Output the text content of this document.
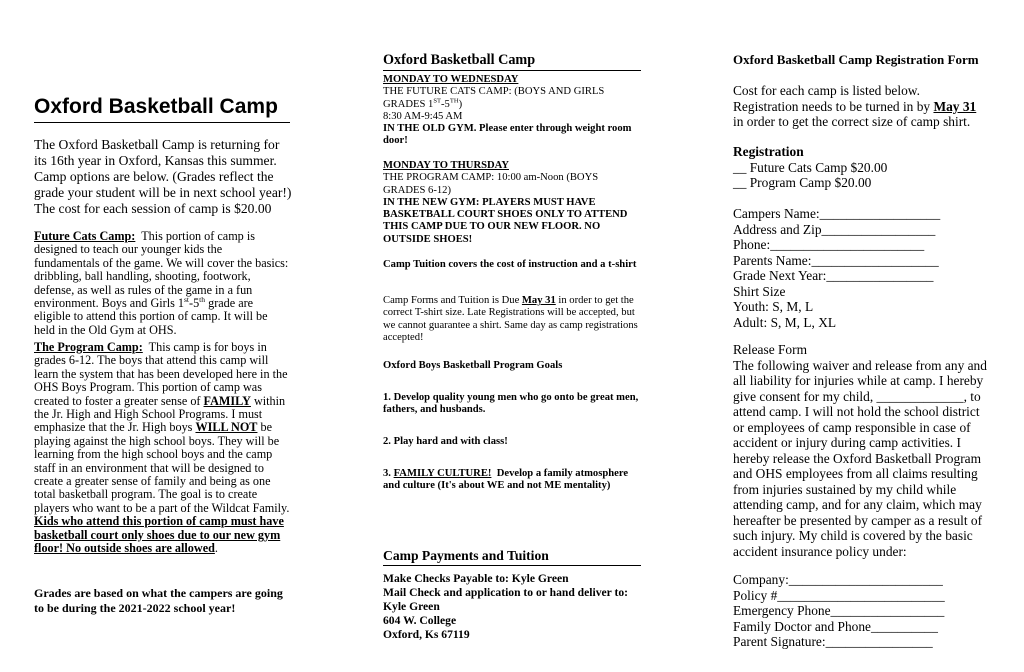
Oxford Basketball Camp

The Oxford Basketball Camp is returning for its 16th year in Oxford, Kansas this summer. Camp options are below. (Grades reflect the grade your student will be in next school year!) The cost for each session of camp is $20.00

Future Cats Camp: This portion of camp is designed to teach our younger kids the fundamentals of the game. We will cover the basics: dribbling, ball handling, shooting, footwork, defense, as well as rules of the game in a fun environment. Boys and Girls 1st-5th grade are eligible to attend this portion of camp. It will be held in the Old Gym at OHS.

The Program Camp: This camp is for boys in grades 6-12. The boys that attend this camp will learn the system that has been developed here in the OHS Boys Program. This portion of camp was created to foster a greater sense of FAMILY within the Jr. High and High School Programs. I must emphasize that the Jr. High boys WILL NOT be playing against the high school boys. They will be learning from the high school boys and the camp staff in an environment that will be designed to create a greater sense of family and being as one total basketball program. The goal is to create players who want to be a part of the Wildcat Family. Kids who attend this portion of camp must have basketball court only shoes due to our new gym floor! No outside shoes are allowed.

Grades are based on what the campers are going to be during the 2021-2022 school year!

Oxford Basketball Camp
MONDAY TO WEDNESDAY
THE FUTURE CATS CAMP: (BOYS AND GIRLS
GRADES 1ST-5TH)
8:30 AM-9:45 AM
IN THE OLD GYM. Please enter through weight room door!
MONDAY TO THURSDAY
THE PROGRAM CAMP: 10:00 am-Noon (BOYS GRADES 6-12)
IN THE NEW GYM: PLAYERS MUST HAVE BASKETBALL COURT SHOES ONLY TO ATTEND THIS CAMP DUE TO OUR NEW FLOOR. NO OUTSIDE SHOES!
Camp Tuition covers the cost of instruction and a t-shirt
Camp Forms and Tuition is Due May 31 in order to get the correct T-shirt size. Late Registrations will be accepted, but we cannot guarantee a shirt. Same day as camp registrations accepted!
Oxford Boys Basketball Program Goals
1. Develop quality young men who go onto be great men, fathers, and husbands.
2. Play hard and with class!
3. FAMILY CULTURE! Develop a family atmosphere and culture (It's about WE and not ME mentality)
Camp Payments and Tuition
Make Checks Payable to: Kyle Green
Mail Check and application to or hand deliver to:
Kyle Green
604 W. College
Oxford, Ks 67119
Oxford Basketball Camp Registration Form
Cost for each camp is listed below.
Registration needs to be turned in by May 31 in order to get the correct size of camp shirt.
Registration
__ Future Cats Camp $20.00
__ Program Camp $20.00
Campers Name:__________________
Address and Zip_________________
Phone:_______________________
Parents Name:___________________
Grade Next Year:________________
Shirt Size
Youth: S, M, L
Adult: S, M, L, XL
Release Form
The following waiver and release from any and all liability for injuries while at camp. I hereby give consent for my child, _____________, to attend camp. I will not hold the school district or employees of camp responsible in case of accident or injury during camp activities. I hereby release the Oxford Basketball Program and OHS employees from all claims resulting from injuries sustained by my child while attending camp, and for any claim, which may hereafter be presented by camper as a result of such injury. My child is covered by the basic accident insurance policy under:
Company:_______________________
Policy #_________________________
Emergency Phone_________________
Family Doctor and Phone__________
Parent Signature:________________
